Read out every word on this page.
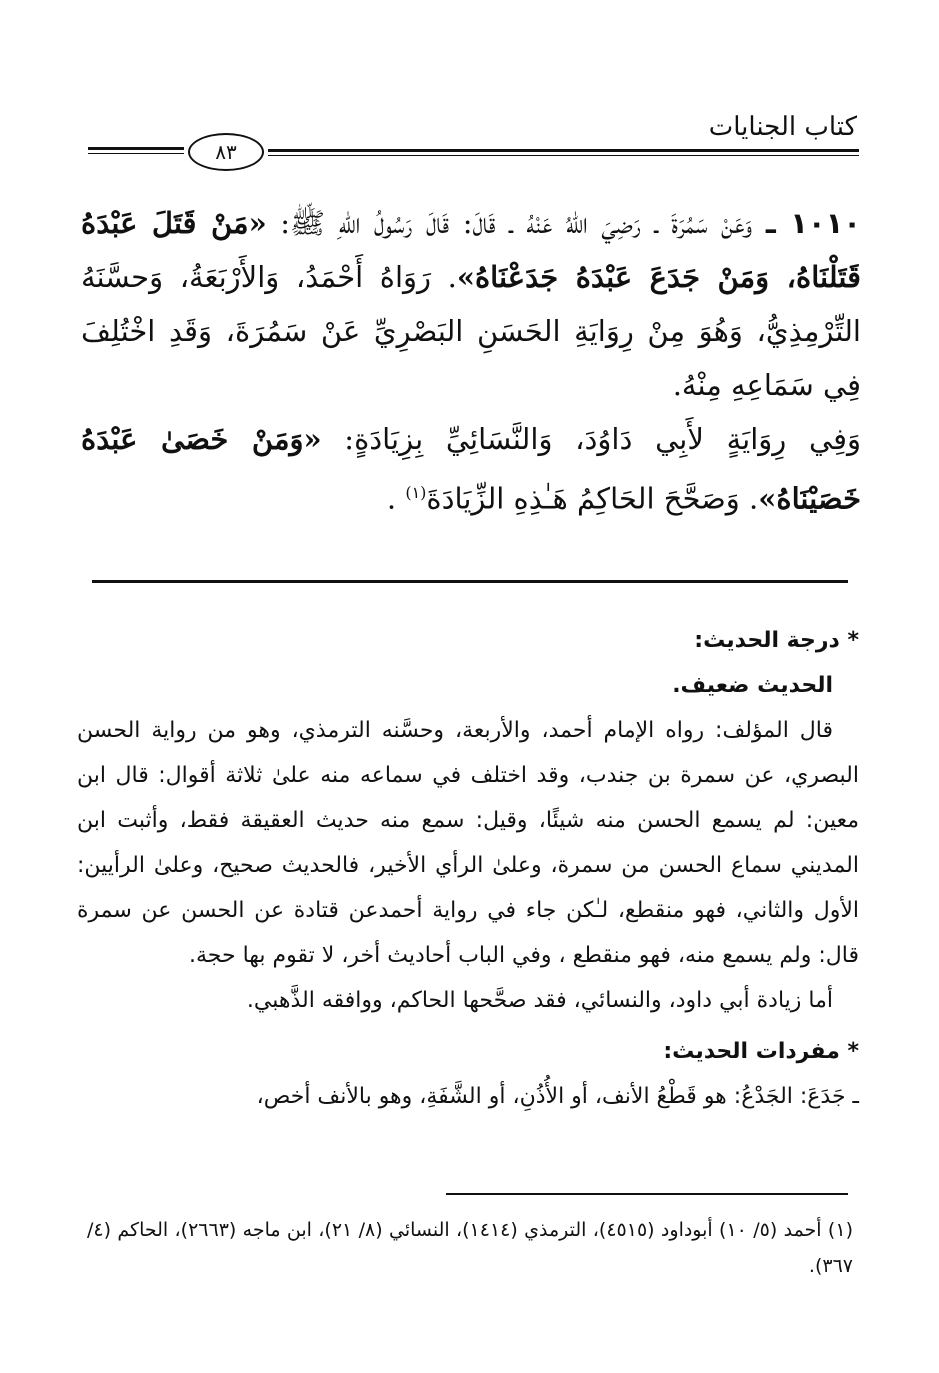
كتاب الجنايات
٨٣

١٠١٠ ـ وَعَنْ سَمُرَةَ ـ رَضِيَ اللهُ عَنْهُ ـ قَالَ: قَالَ رَسُولُ اللهِ ﷺ: «مَنْ قَتَلَ عَبْدَهُ قَتَلْنَاهُ، وَمَنْ جَدَعَ عَبْدَهُ جَدَعْنَاهُ». رَوَاهُ أَحْمَدُ، وَالأَرْبَعَةُ، وَحسَّنَهُ التِّرْمِذِيُّ، وَهُوَ مِنْ رِوَايَةِ الحَسَنِ البَصْرِيِّ عَنْ سَمُرَةَ، وَقَدِ اخْتُلِفَ فِي سَمَاعِهِ مِنْهُ.

وَفِي رِوَايَةٍ لأَبِي دَاوُدَ، وَالنَّسَائِيِّ بِزِيَادَةٍ: «وَمَنْ خَصَىٰ عَبْدَهُ خَصَيْنَاهُ». وَصَحَّحَ الحَاكِمُ هَـٰذِهِ الزِّيَادَةَ$^{(١)}$ .

* درجة الحديث:

الحديث ضعيف.

قال المؤلف: رواه الإمام أحمد، والأربعة، وحسَّنه الترمذي، وهو من رواية الحسن البصري، عن سمرة بن جندب، وقد اختلف في سماعه منه علىٰ ثلاثة أقوال: قال ابن معين: لم يسمع الحسن منه شيئًا، وقيل: سمع منه حديث العقيقة فقط، وأثبت ابن المديني سماع الحسن من سمرة، وعلىٰ الرأي الأخير، فالحديث صحيح، وعلىٰ الرأيين: الأول والثاني، فهو منقطع، لـٰكن جاء في رواية أحمدعن قتادة عن الحسن عن سمرة قال: ولم يسمع منه، فهو منقطع ، وفي الباب أحاديث أخر، لا تقوم بها حجة.

أما زيادة أبي داود، والنسائي، فقد صحَّحها الحاكم، ووافقه الذَّهبي.

* مفردات الحديث:

ـ جَدَعَ: الجَدْعُ: هو قَطْعُ الأنف، أو الأُذُنِ، أو الشَّفَةِ، وهو بالأنف أخص،

(١) أحمد (٥/ ١٠) أبوداود (٤٥١٥)، الترمذي (١٤١٤)، النسائي (٨/ ٢١)، ابن ماجه (٢٦٦٣)، الحاكم (٤/ ٣٦٧).
